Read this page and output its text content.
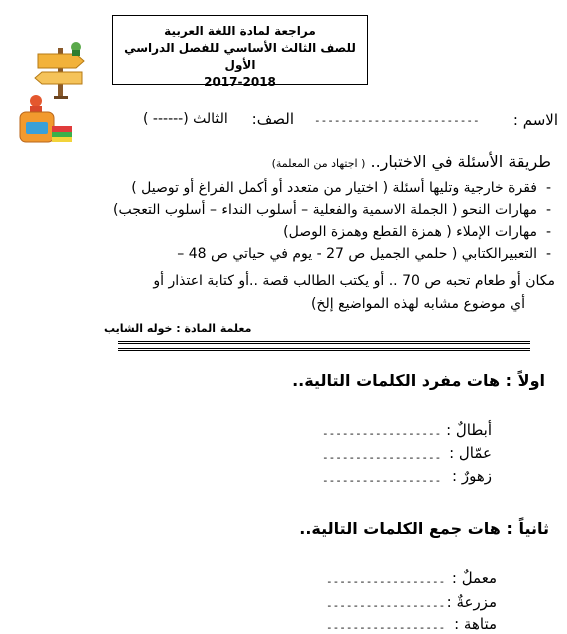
مراجعة لمادة اللغة العربية
للصف الثالث الأساسي للفصل الدراسي الأول
2017-2018
الاسم :
-------------------------
الصف:
الثالث (------ )
طريقة الأسئلة في الاختبار.. ( اجتهاد من المعلمة)
- فقرة خارجية وتليها أسئلة ( اختيار من متعدد أو أكمل الفراغ أو توصيل )
- مهارات النحو ( الجملة الاسمية والفعلية – أسلوب النداء – أسلوب التعجب)
- مهارات الإملاء ( همزة القطع وهمزة الوصل)
- التعبيرالكتابي ( حلمي الجميل ص 27 - يوم في حياتي ص 48 –
مكان أو طعام تحبه ص 70 .. أو يكتب الطالب قصة ..أو كتابة اعتذار أو
أي موضوع مشابه لهذه المواضيع إلخ)
معلمة المادة : خوله الشايب
اولاً : هات مفرد الكلمات التالية..
أبطالٌ :
------------------
عمّال :
------------------
زهورٌ :
------------------
ثانياً : هات جمع الكلمات التالية..
معملٌ :
------------------
مزرعةٌ :
------------------
متاهة :
------------------
